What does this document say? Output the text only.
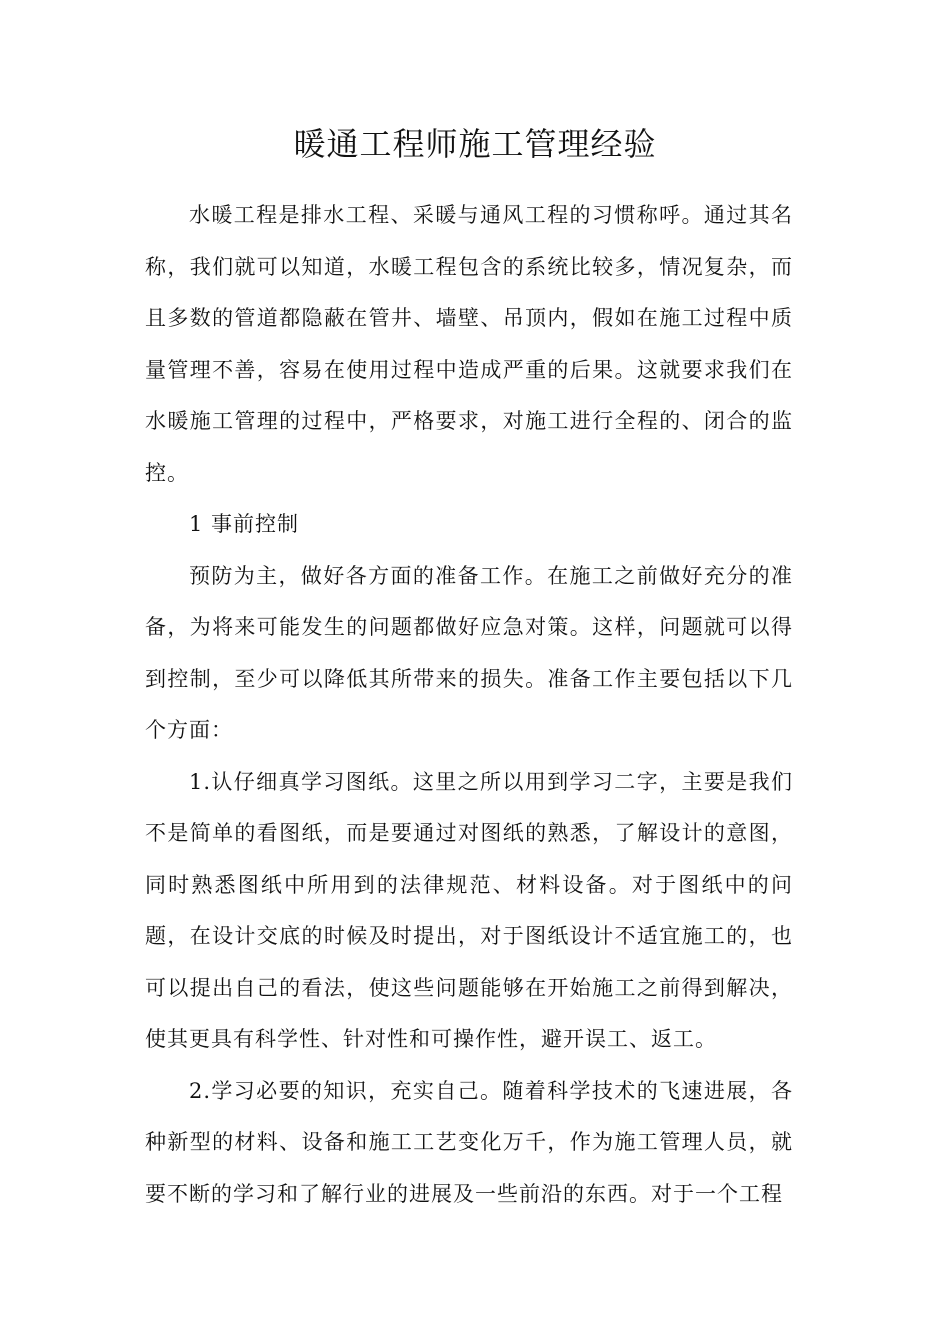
暖通工程师施工管理经验

水暖工程是排水工程、采暖与通风工程的习惯称呼。通过其名称，我们就可以知道，水暖工程包含的系统比较多，情况复杂，而且多数的管道都隐蔽在管井、墙壁、吊顶内，假如在施工过程中质量管理不善，容易在使用过程中造成严重的后果。这就要求我们在水暖施工管理的过程中，严格要求，对施工进行全程的、闭合的监控。

1 事前控制

预防为主，做好各方面的准备工作。在施工之前做好充分的准备，为将来可能发生的问题都做好应急对策。这样，问题就可以得到控制，至少可以降低其所带来的损失。准备工作主要包括以下几个方面：

1.认仔细真学习图纸。这里之所以用到学习二字，主要是我们不是简单的看图纸，而是要通过对图纸的熟悉，了解设计的意图，同时熟悉图纸中所用到的法律规范、材料设备。对于图纸中的问题，在设计交底的时候及时提出，对于图纸设计不适宜施工的，也可以提出自己的看法，使这些问题能够在开始施工之前得到解决，使其更具有科学性、针对性和可操作性，避开误工、返工。

2.学习必要的知识，充实自己。随着科学技术的飞速进展，各种新型的材料、设备和施工工艺变化万千，作为施工管理人员，就要不断的学习和了解行业的进展及一些前沿的东西。对于一个工程
